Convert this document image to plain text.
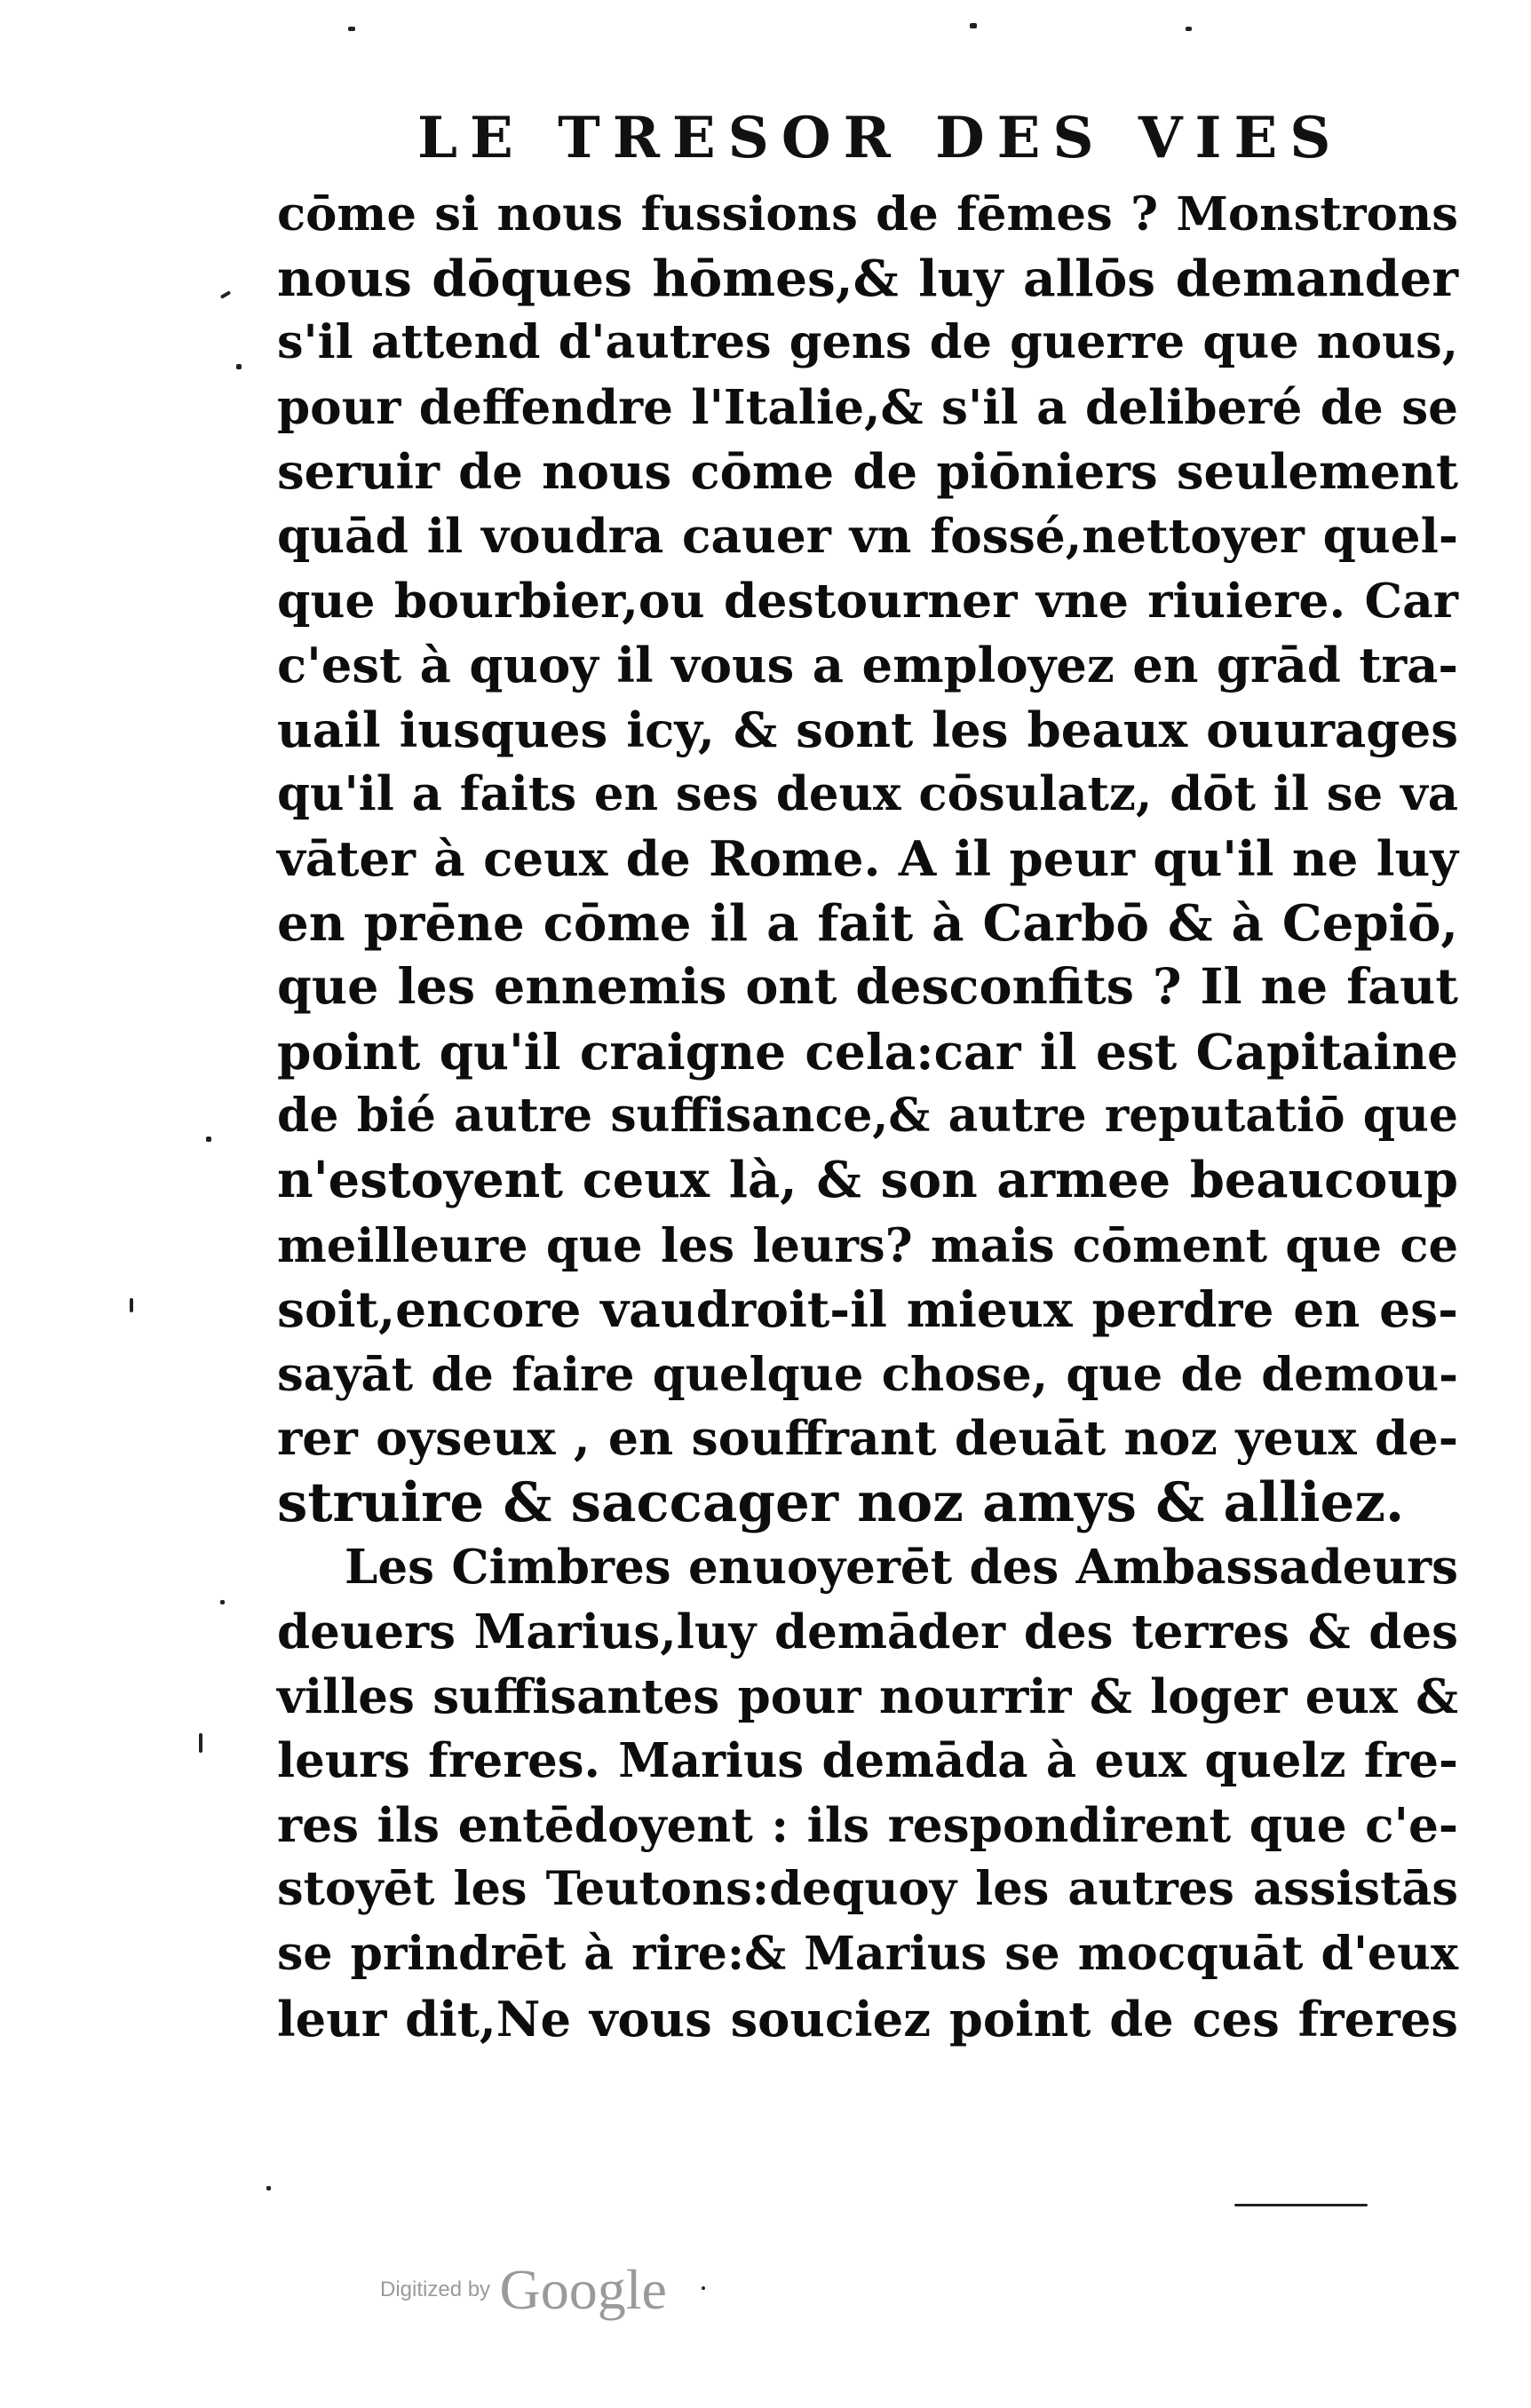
LE TRESOR DES VIES
cōme si nous fussions de fēmes ? Monstrons
nous dōques hōmes,& luy allōs demander
s'il attend d'autres gens de guerre que nous,
pour deffendre l'Italie,& s'il a deliberé de se
seruir de nous cōme de piōniers seulement
quād il voudra cauer vn fossé,nettoyer quel-
que bourbier,ou destourner vne riuiere. Car
c'est à quoy il vous a employez en grād tra-
uail iusques icy, & sont les beaux ouurages
qu'il a faits en ses deux cōsulatz, dōt il se va
vāter à ceux de Rome. A il peur qu'il ne luy
en prēne cōme il a fait à Carbō & à Cepiō,
que les ennemis ont desconfits ? Il ne faut
point qu'il craigne cela:car il est Capitaine
de bié autre suffisance,& autre reputatiō que
n'estoyent ceux là, & son armee beaucoup
meilleure que les leurs? mais cōment que ce
soit,encore vaudroit-il mieux perdre en es-
sayāt de faire quelque chose, que de demou-
rer oyseux , en souffrant deuāt noz yeux de-
struire & saccager noz amys & alliez.
Les Cimbres enuoyerēt des Ambassadeurs
deuers Marius,luy demāder des terres & des
villes suffisantes pour nourrir & loger eux &
leurs freres. Marius demāda à eux quelz fre-
res ils entēdoyent : ils respondirent que c'e-
stoyēt les Teutons:dequoy les autres assistās
se prindrēt à rire:& Marius se mocquāt d'eux
leur dit,Ne vous souciez point de ces freres
Digitized by Google
